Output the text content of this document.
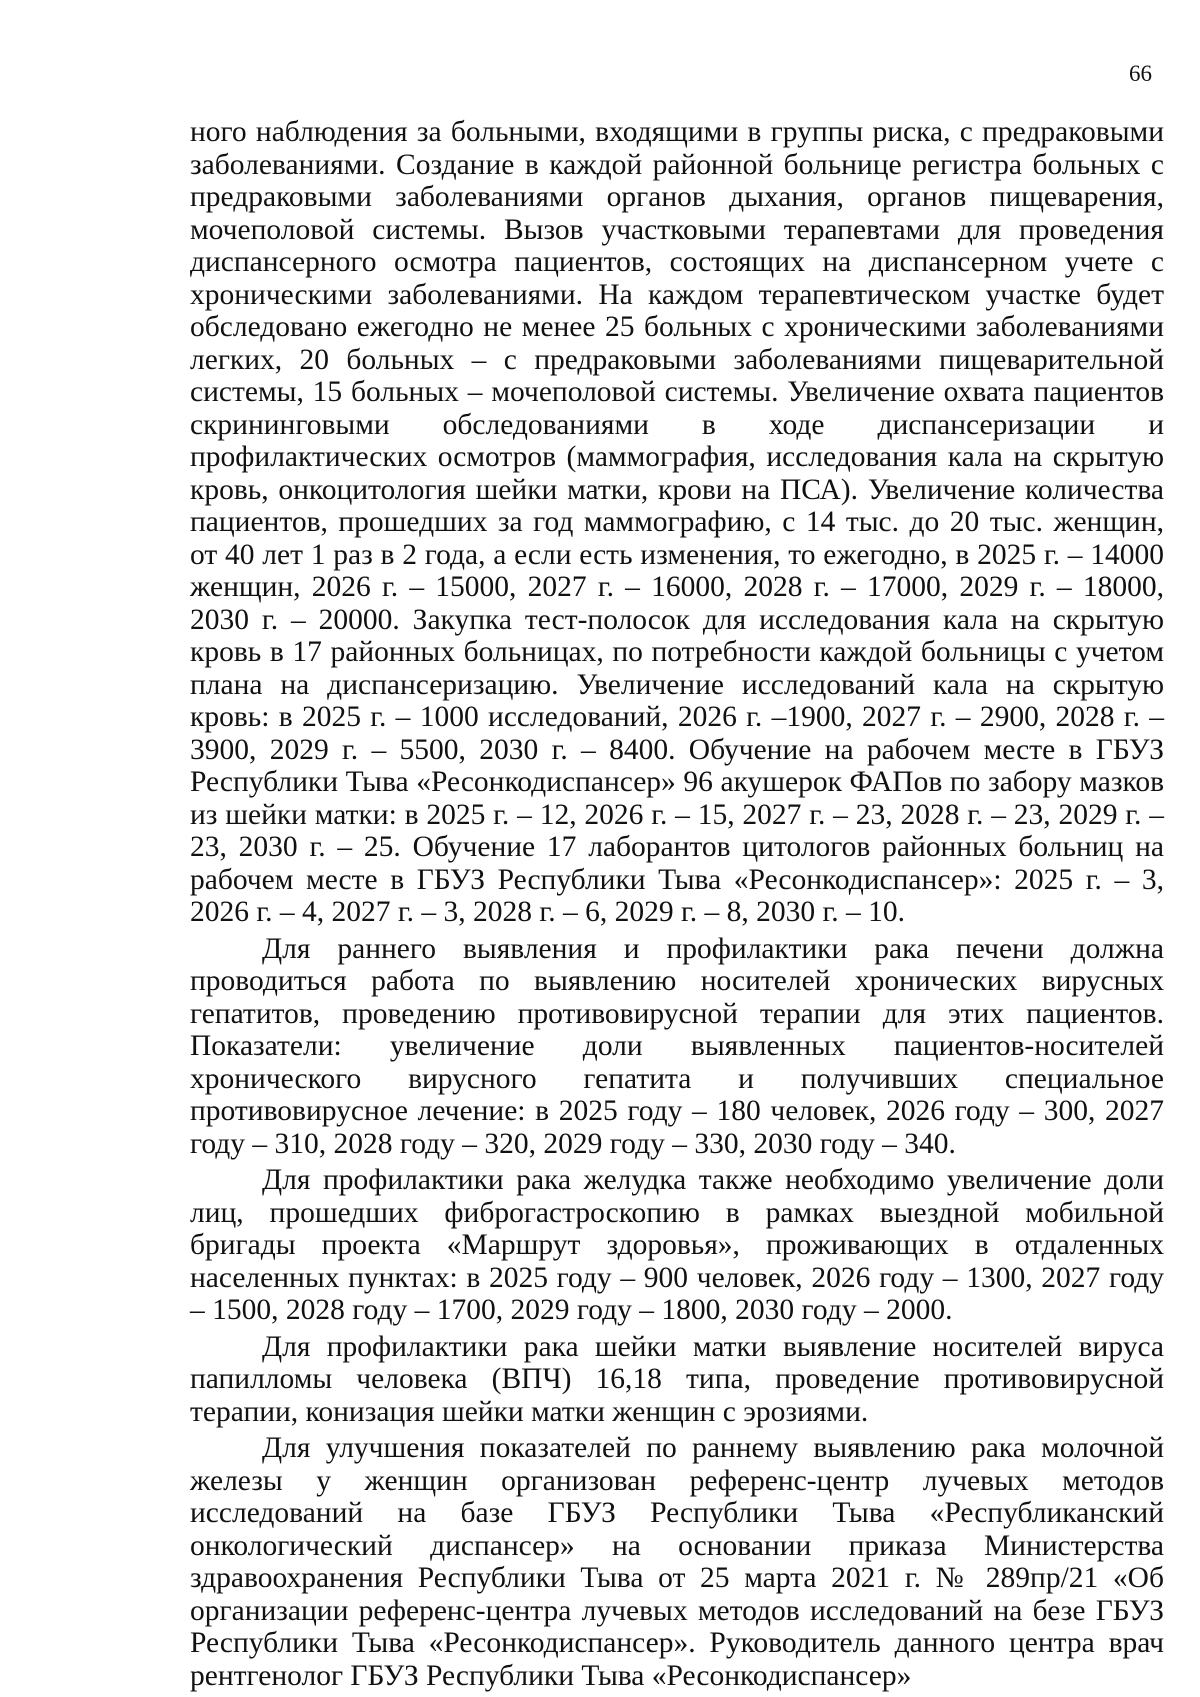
66

ного наблюдения за больными, входящими в группы риска, с предраковыми заболеваниями. Создание в каждой районной больнице регистра больных с предраковыми заболеваниями органов дыхания, органов пищеварения, мочеполовой системы. Вызов участковыми терапевтами для проведения диспансерного осмотра пациентов, состоящих на диспансерном учете с хроническими заболеваниями. На каждом терапевтическом участке будет обследовано ежегодно не менее 25 больных с хроническими заболеваниями легких, 20 больных – с предраковыми заболеваниями пищеварительной системы, 15 больных – мочеполовой системы. Увеличение охвата пациентов скрининговыми обследованиями в ходе диспансеризации и профилактических осмотров (маммография, исследования кала на скрытую кровь, онкоцитология шейки матки, крови на ПСА). Увеличение количества пациентов, прошедших за год маммографию, с 14 тыс. до 20 тыс. женщин, от 40 лет 1 раз в 2 года, а если есть изменения, то ежегодно, в 2025 г. – 14000 женщин, 2026 г. – 15000, 2027 г. – 16000, 2028 г. – 17000, 2029 г. – 18000, 2030 г. – 20000. Закупка тест-полосок для исследования кала на скрытую кровь в 17 районных больницах, по потребности каждой больницы с учетом плана на диспансеризацию. Увеличение исследований кала на скрытую кровь: в 2025 г. – 1000 исследований, 2026 г. –1900, 2027 г. – 2900, 2028 г. – 3900, 2029 г. – 5500, 2030 г. – 8400. Обучение на рабочем месте в ГБУЗ Республики Тыва «Ресонкодиспансер» 96 акушерок ФАПов по забору мазков из шейки матки: в 2025 г. – 12, 2026 г. – 15, 2027 г. – 23, 2028 г. – 23, 2029 г. – 23, 2030 г. – 25. Обучение 17 лаборантов цитологов районных больниц на рабочем месте в ГБУЗ Республики Тыва «Ресонкодиспансер»: 2025 г. – 3, 2026 г. – 4, 2027 г. – 3, 2028 г. – 6, 2029 г. – 8, 2030 г. – 10.

Для раннего выявления и профилактики рака печени должна проводиться работа по выявлению носителей хронических вирусных гепатитов, проведению противовирусной терапии для этих пациентов. Показатели: увеличение доли выявленных пациентов-носителей хронического вирусного гепатита и получивших специальное противовирусное лечение: в 2025 году – 180 человек, 2026 году – 300, 2027 году – 310, 2028 году – 320, 2029 году – 330, 2030 году – 340.

Для профилактики рака желудка также необходимо увеличение доли лиц, прошедших фиброгастроскопию в рамках выездной мобильной бригады проекта «Маршрут здоровья», проживающих в отдаленных населенных пунктах: в 2025 году – 900 человек, 2026 году – 1300, 2027 году – 1500, 2028 году – 1700, 2029 году – 1800, 2030 году – 2000.

Для профилактики рака шейки матки выявление носителей вируса папилломы человека (ВПЧ) 16,18 типа, проведение противовирусной терапии, конизация шейки матки женщин с эрозиями.

Для улучшения показателей по раннему выявлению рака молочной железы у женщин организован референс-центр лучевых методов исследований на базе ГБУЗ Республики Тыва «Республиканский онкологический диспансер» на основании приказа Министерства здравоохранения Республики Тыва от 25 марта 2021 г. № 289пр/21 «Об организации референс-центра лучевых методов исследований на безе ГБУЗ Республики Тыва «Ресонкодиспансер». Руководитель данного центра врач рентгенолог ГБУЗ Республики Тыва «Ресонкодиспансер»
